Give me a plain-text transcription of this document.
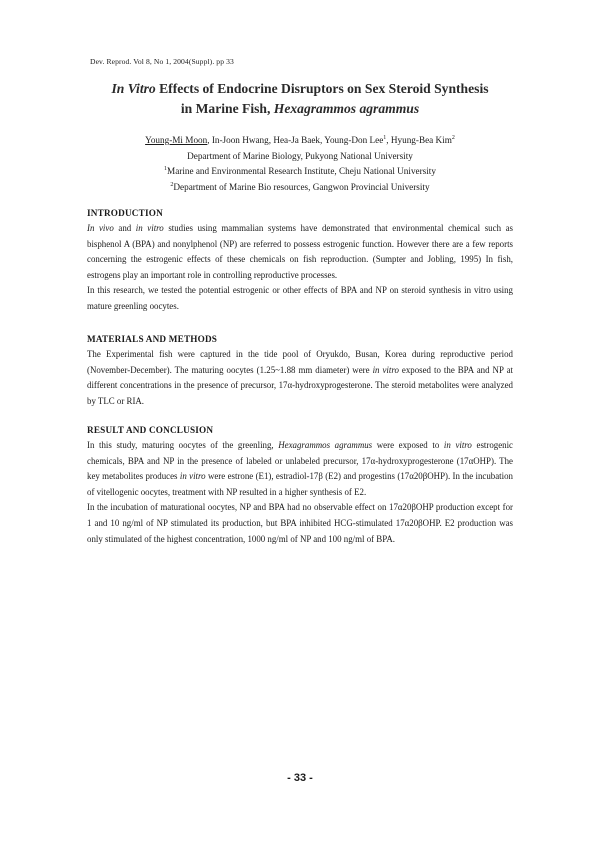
Dev. Reprod. Vol 8, No 1, 2004(Suppl). pp 33
In Vitro Effects of Endocrine Disruptors on Sex Steroid Synthesis
in Marine Fish, Hexagrammos agrammus
Young-Mi Moon, In-Joon Hwang, Hea-Ja Baek, Young-Don Lee$^1$, Hyung-Bea Kim$^2$
Department of Marine Biology, Pukyong National University
$^1$Marine and Environmental Research Institute, Cheju National University
$^2$Department of Marine Bio resources, Gangwon Provincial University
INTRODUCTION

In vivo and in vitro studies using mammalian systems have demonstrated that environmental chemical such as bisphenol A (BPA) and nonylphenol (NP) are referred to possess estrogenic function. However there are a few reports concerning the estrogenic effects of these chemicals on fish reproduction. (Sumpter and Jobling, 1995) In fish, estrogens play an important role in controlling reproductive processes.

In this research, we tested the potential estrogenic or other effects of BPA and NP on steroid synthesis in vitro using mature greenling oocytes.

MATERIALS AND METHODS

The Experimental fish were captured in the tide pool of Oryukdo, Busan, Korea during reproductive period (November-December). The maturing oocytes (1.25~1.88 mm diameter) were in vitro exposed to the BPA and NP at different concentrations in the presence of precursor, 17α-hydroxyprogesterone. The steroid metabolites were analyzed by TLC or RIA.

RESULT AND CONCLUSION

In this study, maturing oocytes of the greenling, Hexagrammos agrammus were exposed to in vitro estrogenic chemicals, BPA and NP in the presence of labeled or unlabeled precursor, 17α-hydroxyprogesterone (17αOHP). The key metabolites produces in vitro were estrone (E1), estradiol-17β (E2) and progestins (17α20βOHP). In the incubation of vitellogenic oocytes, treatment with NP resulted in a higher synthesis of E2.

In the incubation of maturational oocytes, NP and BPA had no observable effect on 17α20βOHP production except for 1 and 10 ng/ml of NP stimulated its production, but BPA inhibited HCG-stimulated 17α20βOHP. E2 production was only stimulated of the highest concentration, 1000 ng/ml of NP and 100 ng/ml of BPA.

- 33 -
